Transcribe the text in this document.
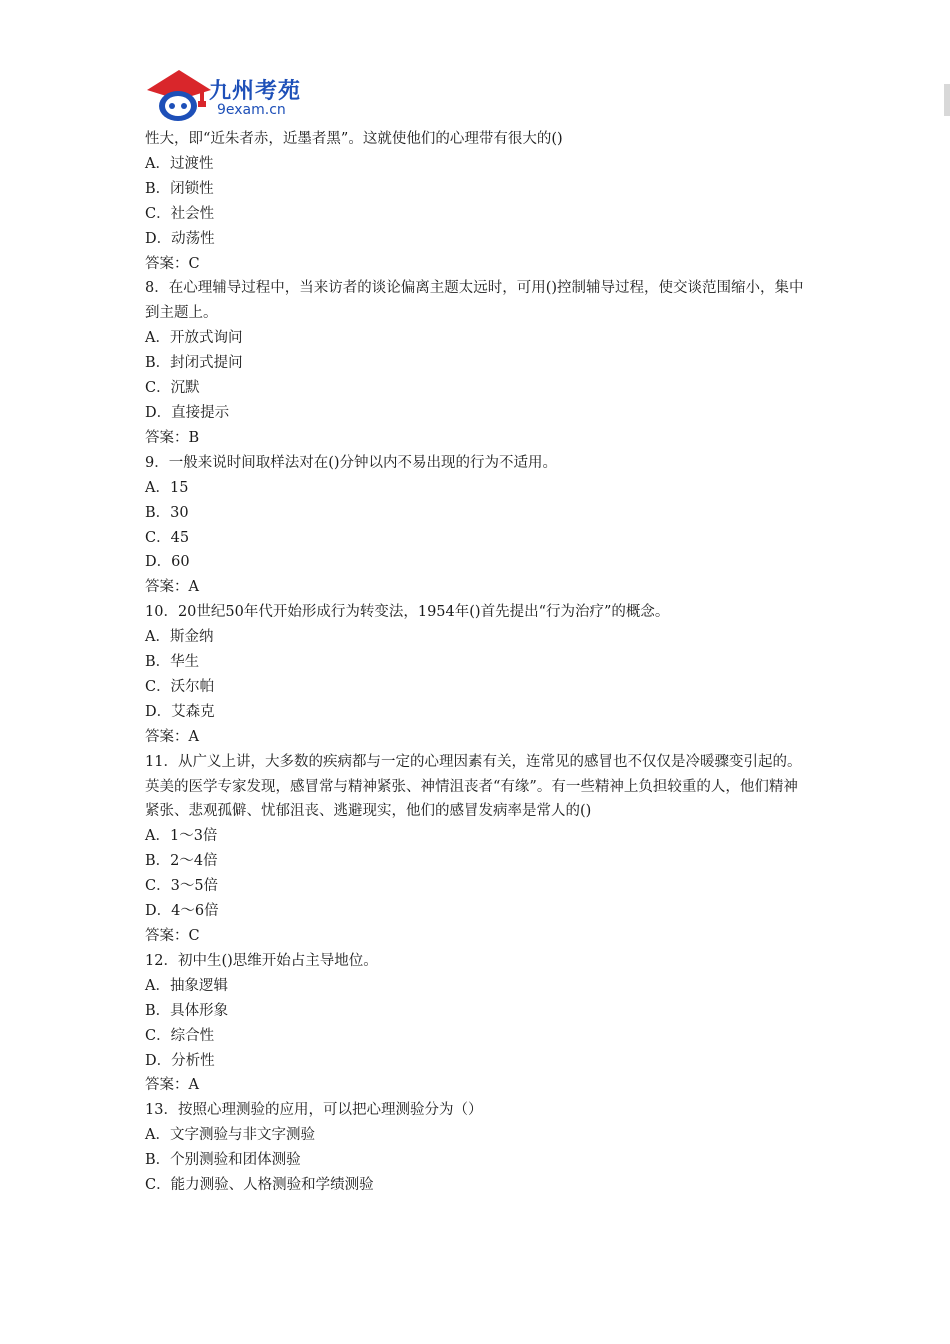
九州考苑
9exam.cn
性大，即“近朱者赤，近墨者黑”。这就使他们的心理带有很大的()
A．过渡性
B．闭锁性
C．社会性
D．动荡性
答案：C
8．在心理辅导过程中，当来访者的谈论偏离主题太远时，可用()控制辅导过程，使交谈范围缩小，集中到主题上。
A．开放式询问
B．封闭式提问
C．沉默
D．直接提示
答案：B
9．一般来说时间取样法对在()分钟以内不易出现的行为不适用。
A．15
B．30
C．45
D．60
答案：A
10．20世纪50年代开始形成行为转变法，1954年()首先提出“行为治疗”的概念。
A．斯金纳
B．华生
C．沃尔帕
D．艾森克
答案：A
11．从广义上讲，大多数的疾病都与一定的心理因素有关，连常见的感冒也不仅仅是冷暖骤变引起的。英美的医学专家发现，感冒常与精神紧张、神情沮丧者“有缘”。有一些精神上负担较重的人，他们精神紧张、悲观孤僻、忧郁沮丧、逃避现实，他们的感冒发病率是常人的()
A．1～3倍
B．2～4倍
C．3～5倍
D．4～6倍
答案：C
12．初中生()思维开始占主导地位。
A．抽象逻辑
B．具体形象
C．综合性
D．分析性
答案：A
13．按照心理测验的应用，可以把心理测验分为（）
A．文字测验与非文字测验
B．个别测验和团体测验
C．能力测验、人格测验和学绩测验
